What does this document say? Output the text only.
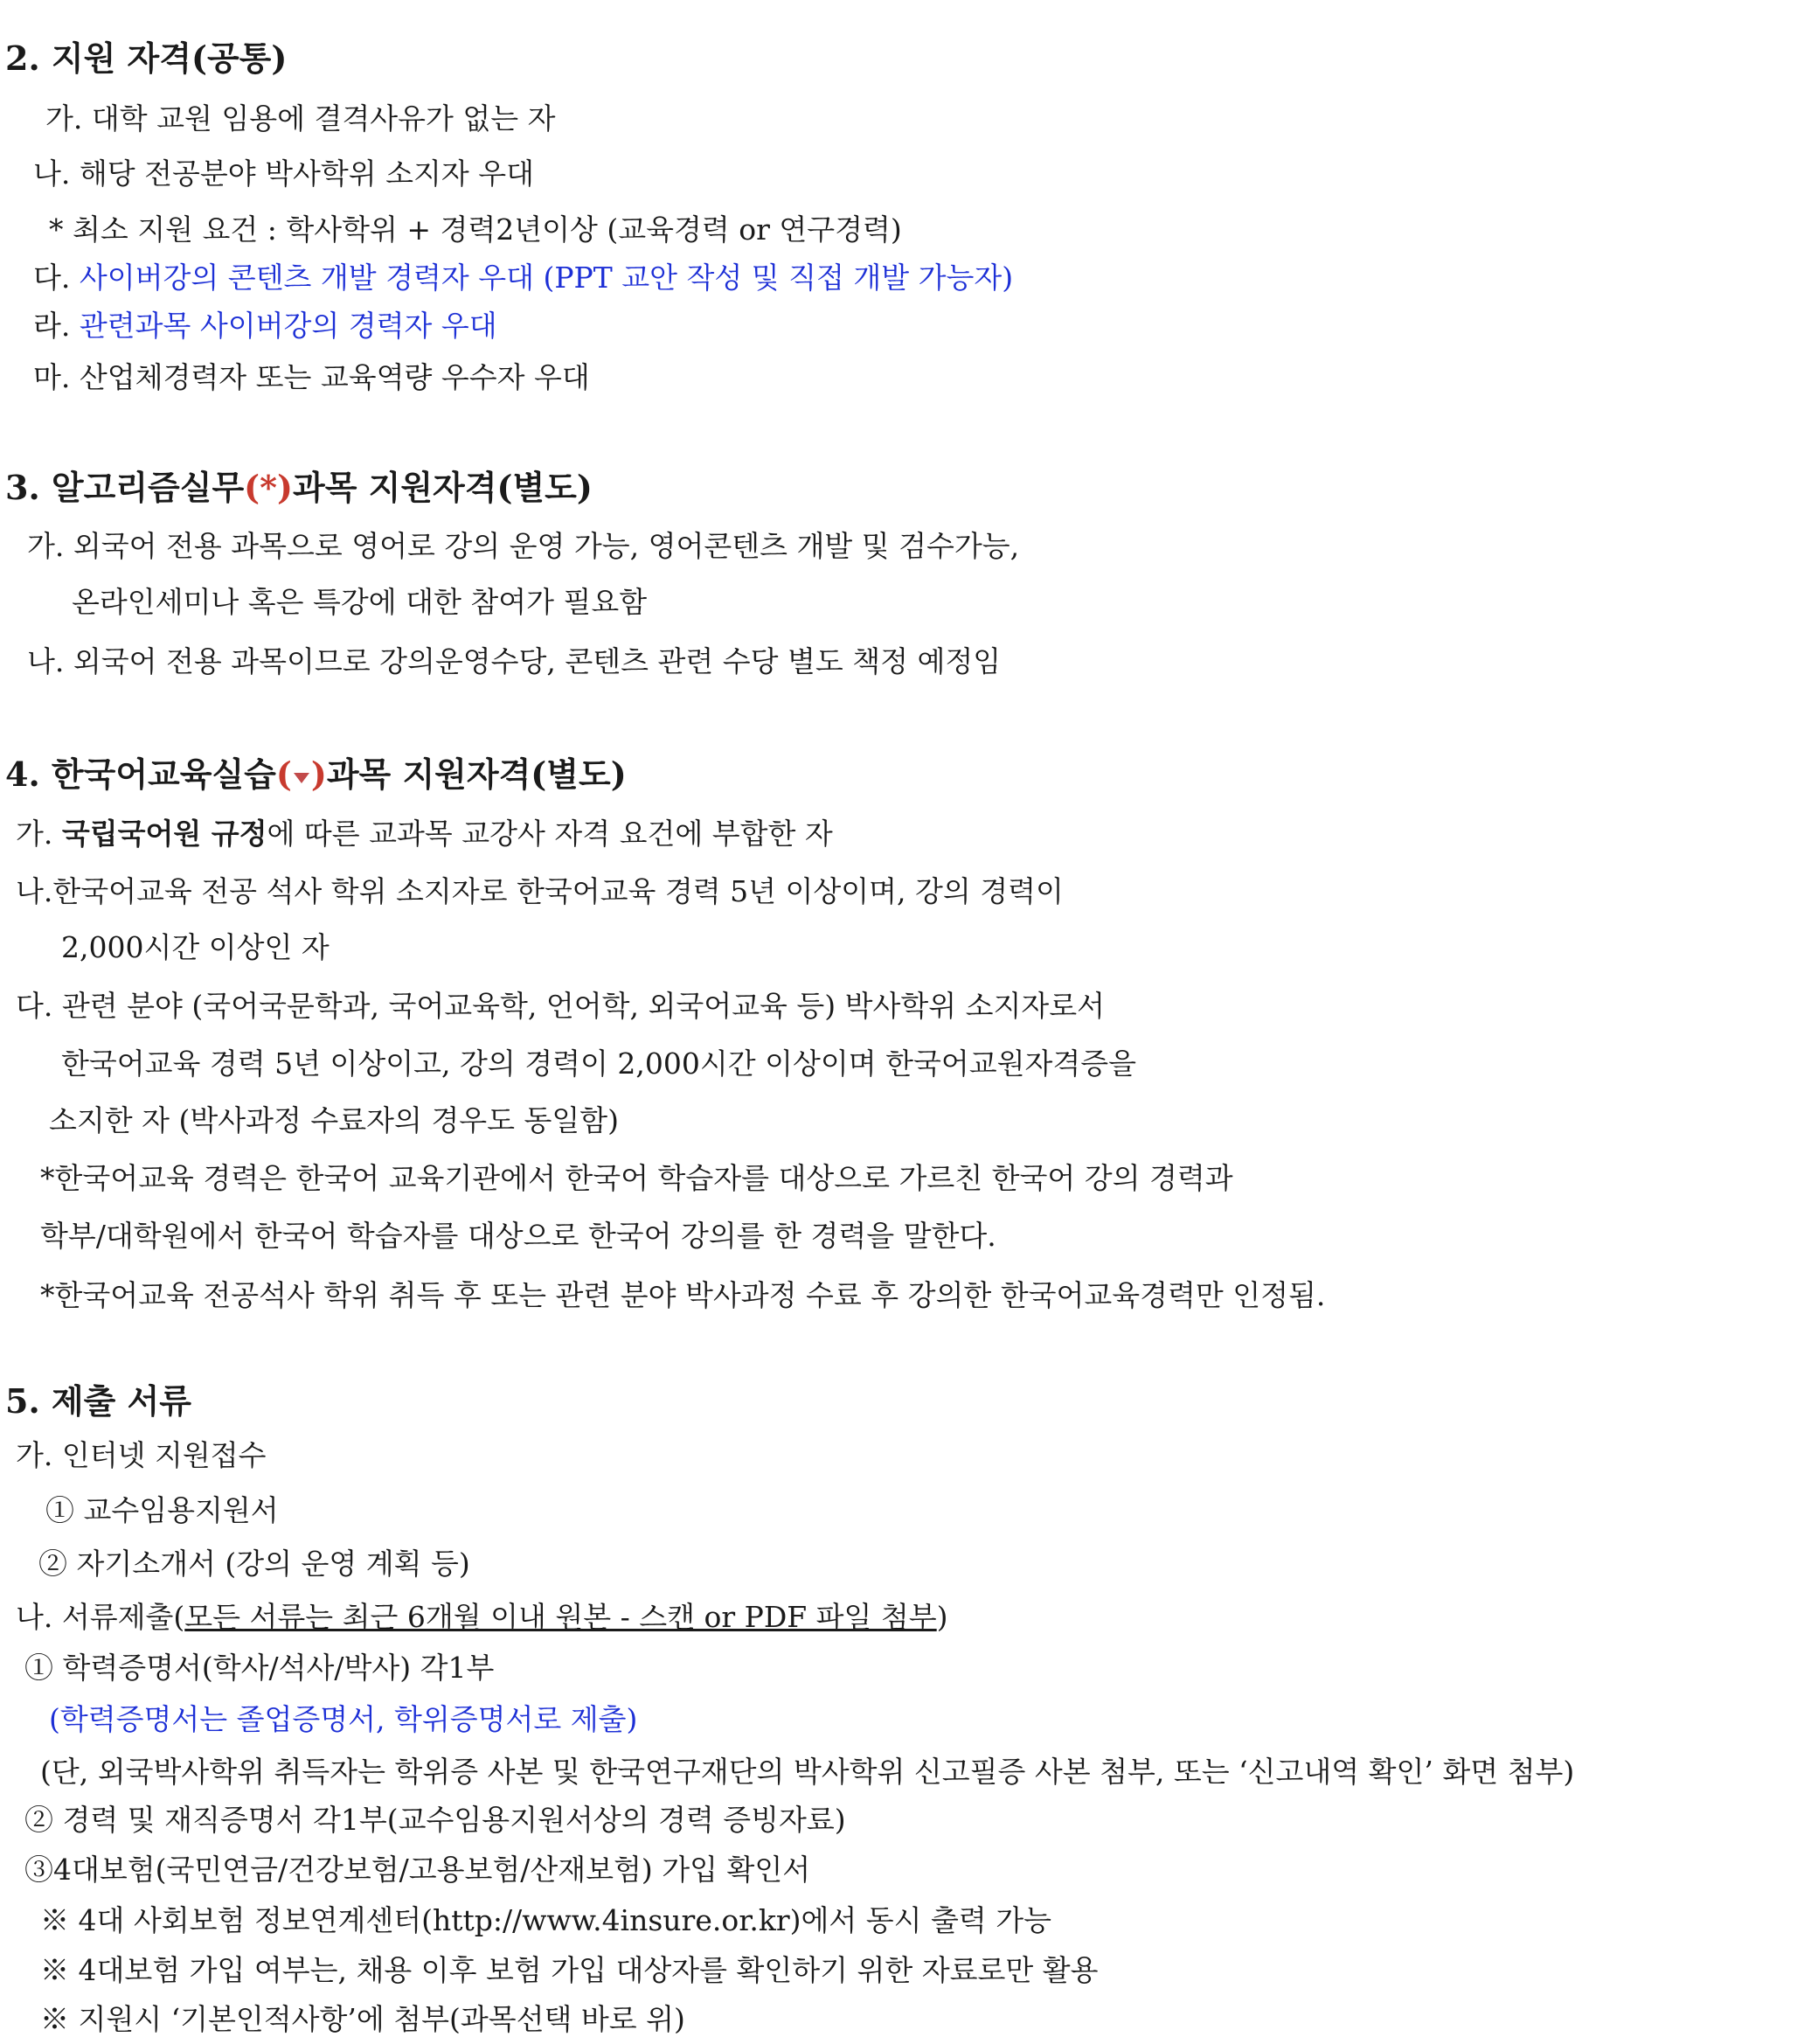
2. 지원 자격(공통)
가. 대학 교원 임용에 결격사유가 없는 자
나. 해당 전공분야 박사학위 소지자 우대
* 최소 지원 요건 : 학사학위 + 경력2년이상 (교육경력 or 연구경력)
다. 사이버강의 콘텐츠 개발 경력자 우대 (PPT 교안 작성 및 직접 개발 가능자)
라. 관련과목 사이버강의 경력자 우대
마. 산업체경력자 또는 교육역량 우수자 우대
3. 알고리즘실무(*)과목 지원자격(별도)
가. 외국어 전용 과목으로 영어로 강의 운영 가능, 영어콘텐츠 개발 및 검수가능,
온라인세미나 혹은 특강에 대한 참여가 필요함
나. 외국어 전용 과목이므로 강의운영수당, 콘텐츠 관련 수당 별도 책정 예정임
4. 한국어교육실습( )과목 지원자격(별도)
가. 국립국어원 규정에 따른 교과목 교강사 자격 요건에 부합한 자
나.한국어교육 전공 석사 학위 소지자로 한국어교육 경력 5년 이상이며, 강의 경력이
2,000시간 이상인 자
다. 관련 분야 (국어국문학과, 국어교육학, 언어학, 외국어교육 등) 박사학위 소지자로서
한국어교육 경력 5년 이상이고, 강의 경력이 2,000시간 이상이며 한국어교원자격증을
소지한 자 (박사과정 수료자의 경우도 동일함)
*한국어교육 경력은 한국어 교육기관에서 한국어 학습자를 대상으로 가르친 한국어 강의 경력과
학부/대학원에서 한국어 학습자를 대상으로 한국어 강의를 한 경력을 말한다.
*한국어교육 전공석사 학위 취득 후 또는 관련 분야 박사과정 수료 후 강의한 한국어교육경력만 인정됨.
5. 제출 서류
가. 인터넷 지원접수
① 교수임용지원서
② 자기소개서 (강의 운영 계획 등)
나. 서류제출(모든 서류는 최근 6개월 이내 원본 - 스캔 or PDF 파일 첨부)
① 학력증명서(학사/석사/박사) 각1부
(학력증명서는 졸업증명서, 학위증명서로 제출)
(단, 외국박사학위 취득자는 학위증 사본 및 한국연구재단의 박사학위 신고필증 사본 첨부, 또는 ‘신고내역 확인’ 화면 첨부)
② 경력 및 재직증명서 각1부(교수임용지원서상의 경력 증빙자료)
③4대보험(국민연금/건강보험/고용보험/산재보험) 가입 확인서
※ 4대 사회보험 정보연계센터(http://www.4insure.or.kr)에서 동시 출력 가능
※ 4대보험 가입 여부는, 채용 이후 보험 가입 대상자를 확인하기 위한 자료로만 활용
※ 지원시 ‘기본인적사항’에 첨부(과목선택 바로 위)
